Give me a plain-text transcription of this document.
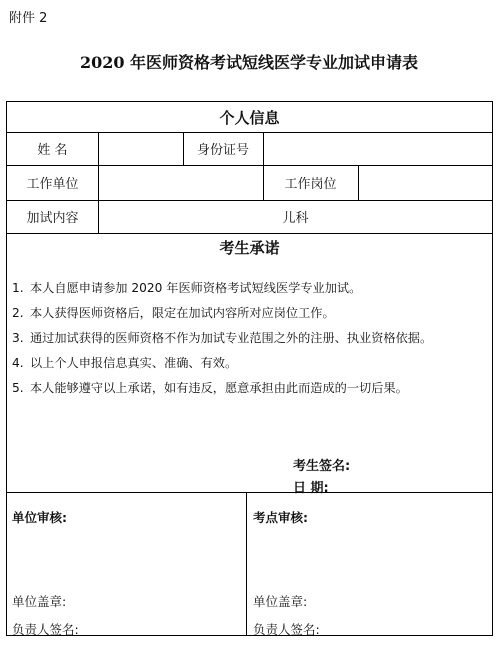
附件 2
2020 年医师资格考试短线医学专业加试申请表
个人信息
姓 名	身份证号
工作单位	工作岗位
加试内容	儿科
考生承诺
1. 本人自愿申请参加 2020 年医师资格考试短线医学专业加试。
2. 本人获得医师资格后，限定在加试内容所对应岗位工作。
3. 通过加试获得的医师资格不作为加试专业范围之外的注册、执业资格依据。
4. 以上个人申报信息真实、准确、有效。
5. 本人能够遵守以上承诺，如有违反，愿意承担由此而造成的一切后果。
考生签名:
日 期:
单位审核:
单位盖章:
负责人签名:
考点审核:
单位盖章:
负责人签名:
